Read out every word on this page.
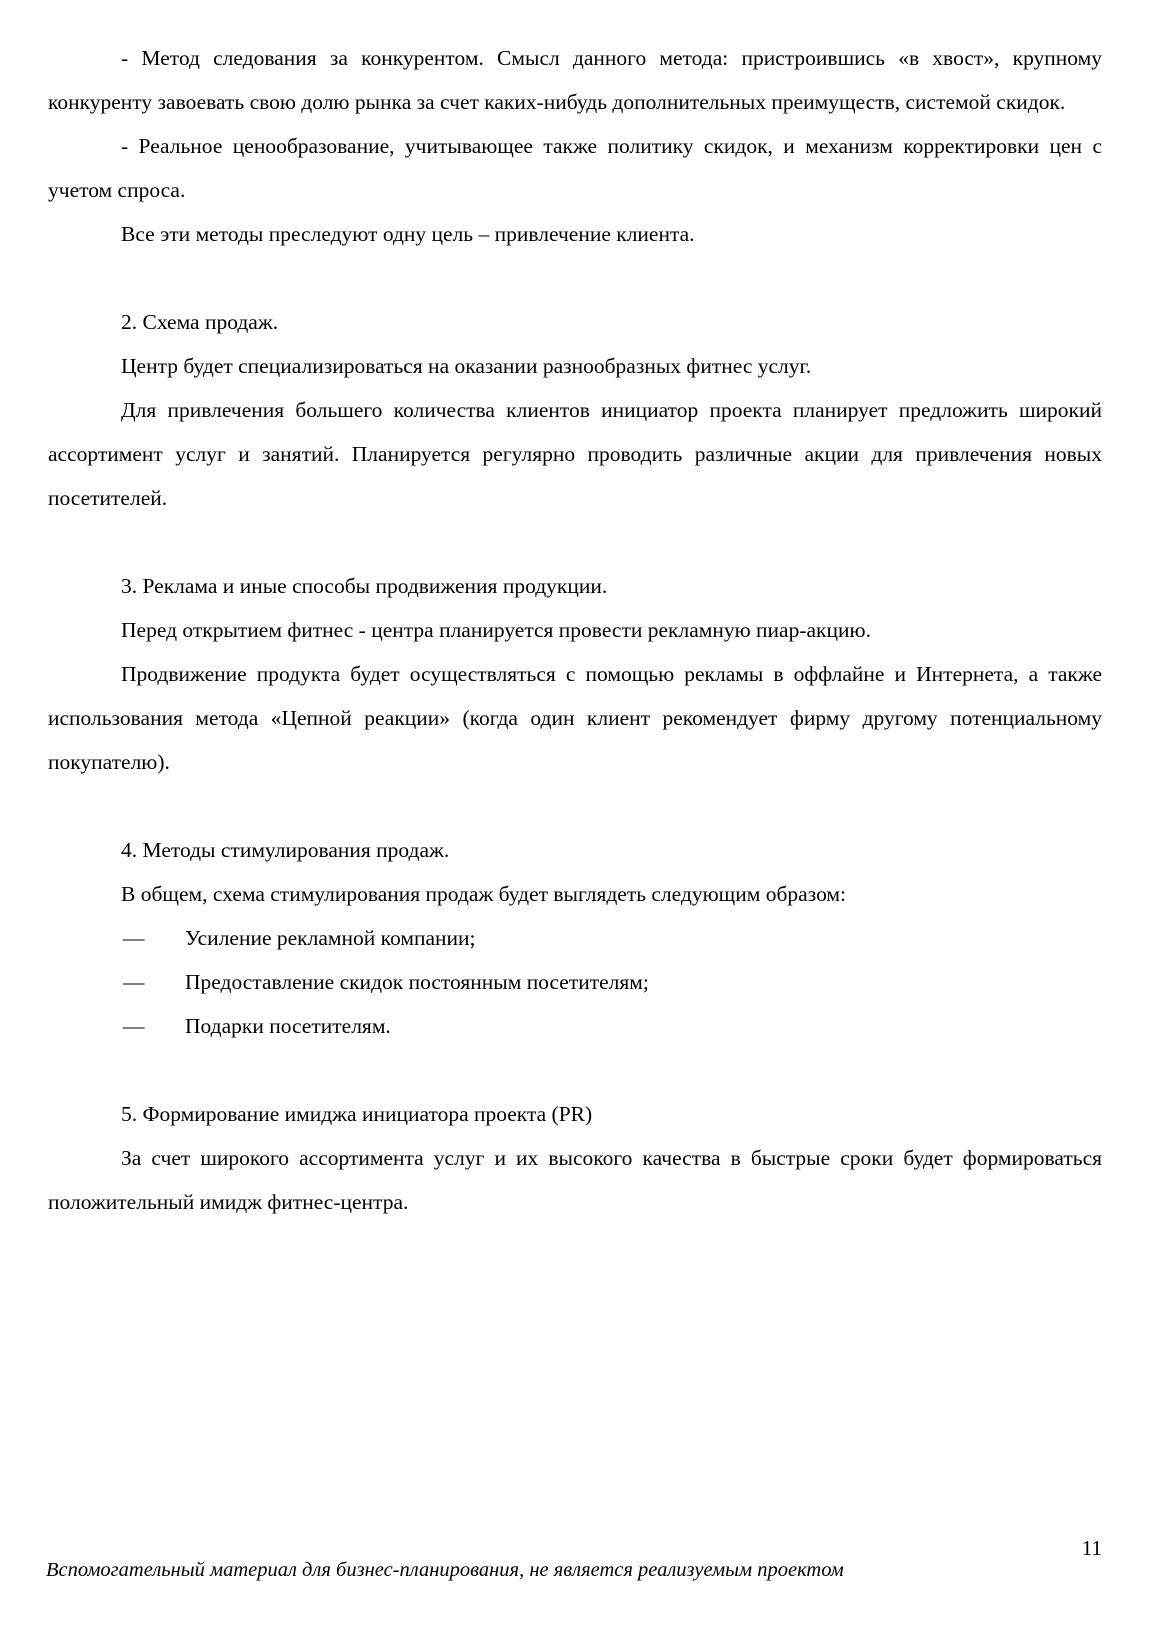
- Метод следования за конкурентом. Смысл данного метода: пристроившись «в хвост», крупному конкуренту завоевать свою долю рынка за счет каких-нибудь дополнительных преимуществ, системой скидок.

- Реальное ценообразование, учитывающее также политику скидок, и механизм корректировки цен с учетом спроса.

Все эти методы преследуют одну цель – привлечение клиента.

2. Схема продаж.

Центр будет специализироваться на оказании разнообразных фитнес услуг.

Для привлечения большего количества клиентов инициатор проекта планирует предложить широкий ассортимент услуг и занятий. Планируется регулярно проводить различные акции для привлечения новых посетителей.

3. Реклама и иные способы продвижения продукции.

Перед открытием фитнес - центра планируется провести рекламную пиар-акцию.

Продвижение продукта будет осуществляться с помощью рекламы в оффлайне и Интернета, а также использования метода «Цепной реакции» (когда один клиент рекомендует фирму другому потенциальному покупателю).

4. Методы стимулирования продаж.

В общем, схема стимулирования продаж будет выглядеть следующим образом:

—	Усиление рекламной компании;
—	Предоставление скидок постоянным посетителям;
—	Подарки посетителям.

5. Формирование имиджа инициатора проекта (PR)

За счет широкого ассортимента услуг и их высокого качества в быстрые сроки будет формироваться положительный имидж фитнес-центра.

11
Вспомогательный материал для бизнес-планирования, не является реализуемым проектом
